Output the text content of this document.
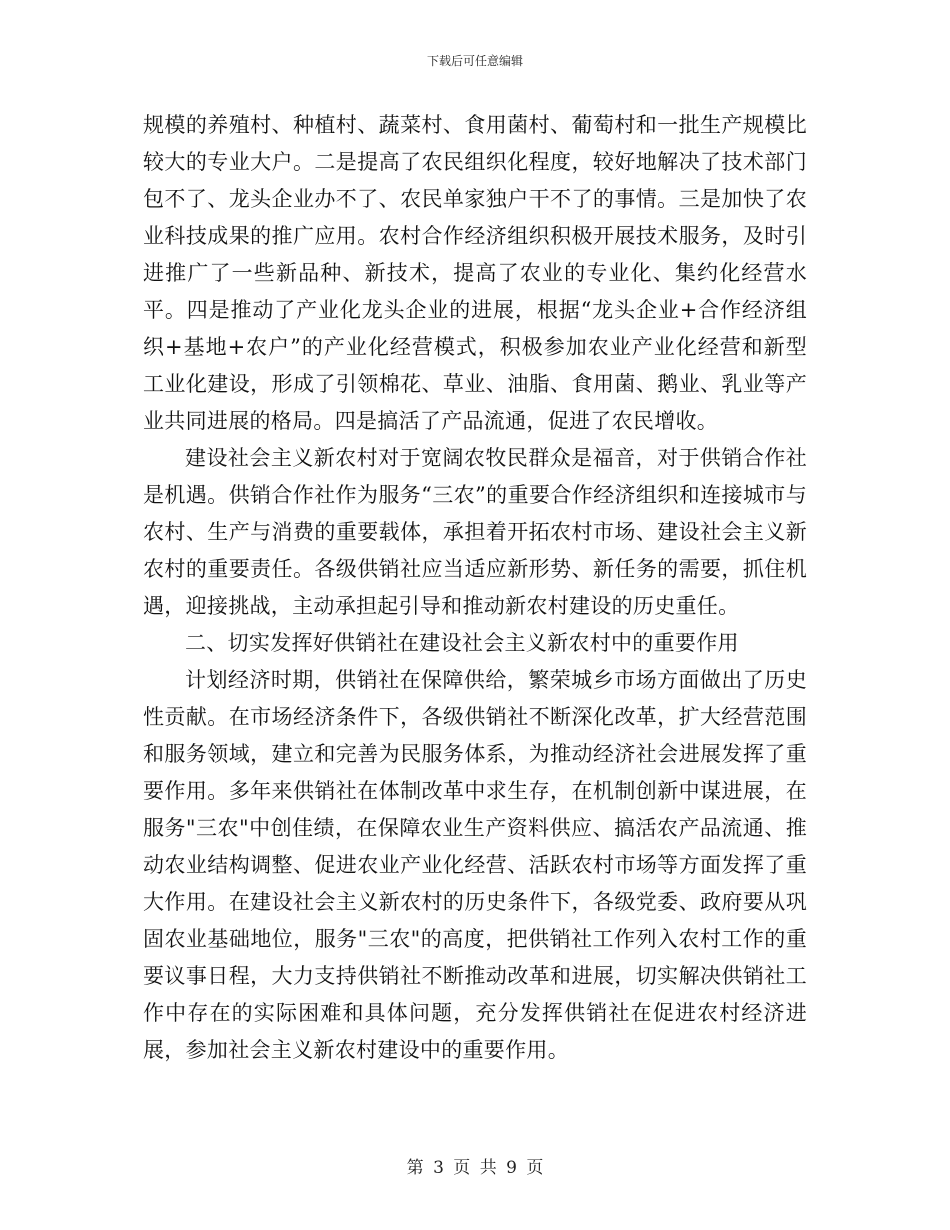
下载后可任意编辑

规模的养殖村、种植村、蔬菜村、食用菌村、葡萄村和一批生产规模比较大的专业大户。二是提高了农民组织化程度，较好地解决了技术部门包不了、龙头企业办不了、农民单家独户干不了的事情。三是加快了农业科技成果的推广应用。农村合作经济组织积极开展技术服务，及时引进推广了一些新品种、新技术，提高了农业的专业化、集约化经营水平。四是推动了产业化龙头企业的进展，根据“龙头企业+合作经济组织+基地+农户”的产业化经营模式，积极参加农业产业化经营和新型工业化建设，形成了引领棉花、草业、油脂、食用菌、鹅业、乳业等产业共同进展的格局。四是搞活了产品流通，促进了农民增收。

建设社会主义新农村对于宽阔农牧民群众是福音，对于供销合作社是机遇。供销合作社作为服务“三农”的重要合作经济组织和连接城市与农村、生产与消费的重要载体，承担着开拓农村市场、建设社会主义新农村的重要责任。各级供销社应当适应新形势、新任务的需要，抓住机遇，迎接挑战，主动承担起引导和推动新农村建设的历史重任。

二、切实发挥好供销社在建设社会主义新农村中的重要作用

计划经济时期，供销社在保障供给，繁荣城乡市场方面做出了历史性贡献。在市场经济条件下，各级供销社不断深化改革，扩大经营范围和服务领域，建立和完善为民服务体系，为推动经济社会进展发挥了重要作用。多年来供销社在体制改革中求生存，在机制创新中谋进展，在服务"三农"中创佳绩，在保障农业生产资料供应、搞活农产品流通、推动农业结构调整、促进农业产业化经营、活跃农村市场等方面发挥了重大作用。在建设社会主义新农村的历史条件下，各级党委、政府要从巩固农业基础地位，服务"三农"的高度，把供销社工作列入农村工作的重要议事日程，大力支持供销社不断推动改革和进展，切实解决供销社工作中存在的实际困难和具体问题，充分发挥供销社在促进农村经济进展，参加社会主义新农村建设中的重要作用。

第 3 页 共 9 页
